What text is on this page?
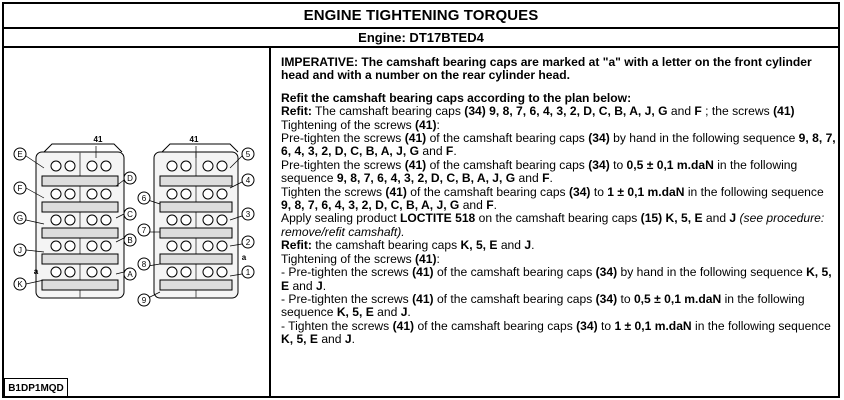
ENGINE TIGHTENING TORQUES
Engine: DT17BTED4
41
E
D
F
C
G
B
J
A
K
a
41
5
6
4
3
7
2
8
a
1
9
B1DP1MQD

IMPERATIVE: The camshaft bearing caps are marked at "a" with a letter on the front cylinder head and with a number on the rear cylinder head.

Refit the camshaft bearing caps according to the plan below:

Refit: The camshaft bearing caps (34) 9, 8, 7, 6, 4, 3, 2, D, C, B, A, J, G and F ; the screws (41)

Tightening of the screws (41):

Pre-tighten the screws (41) of the camshaft bearing caps (34) by hand in the following sequence 9, 8, 7, 6, 4, 3, 2, D, C, B, A, J, G and F.

Pre-tighten the screws (41) of the camshaft bearing caps (34) to 0,5 ± 0,1 m.daN in the following sequence 9, 8, 7, 6, 4, 3, 2, D, C, B, A, J, G and F.

Tighten the screws (41) of the camshaft bearing caps (34) to 1 ± 0,1 m.daN in the following sequence 9, 8, 7, 6, 4, 3, 2, D, C, B, A, J, G and F.

Apply sealing product LOCTITE 518 on the camshaft bearing caps (15) K, 5, E and J (see procedure: remove/refit camshaft).

Refit: the camshaft bearing caps K, 5, E and J.

Tightening of the screws (41):

- Pre-tighten the screws (41) of the camshaft bearing caps (34) by hand in the following sequence K, 5, E and J.

- Pre-tighten the screws (41) of the camshaft bearing caps (34) to 0,5 ± 0,1 m.daN in the following sequence K, 5, E and J.

- Tighten the screws (41) of the camshaft bearing caps (34) to 1 ± 0,1 m.daN in the following sequence K, 5, E and J.
